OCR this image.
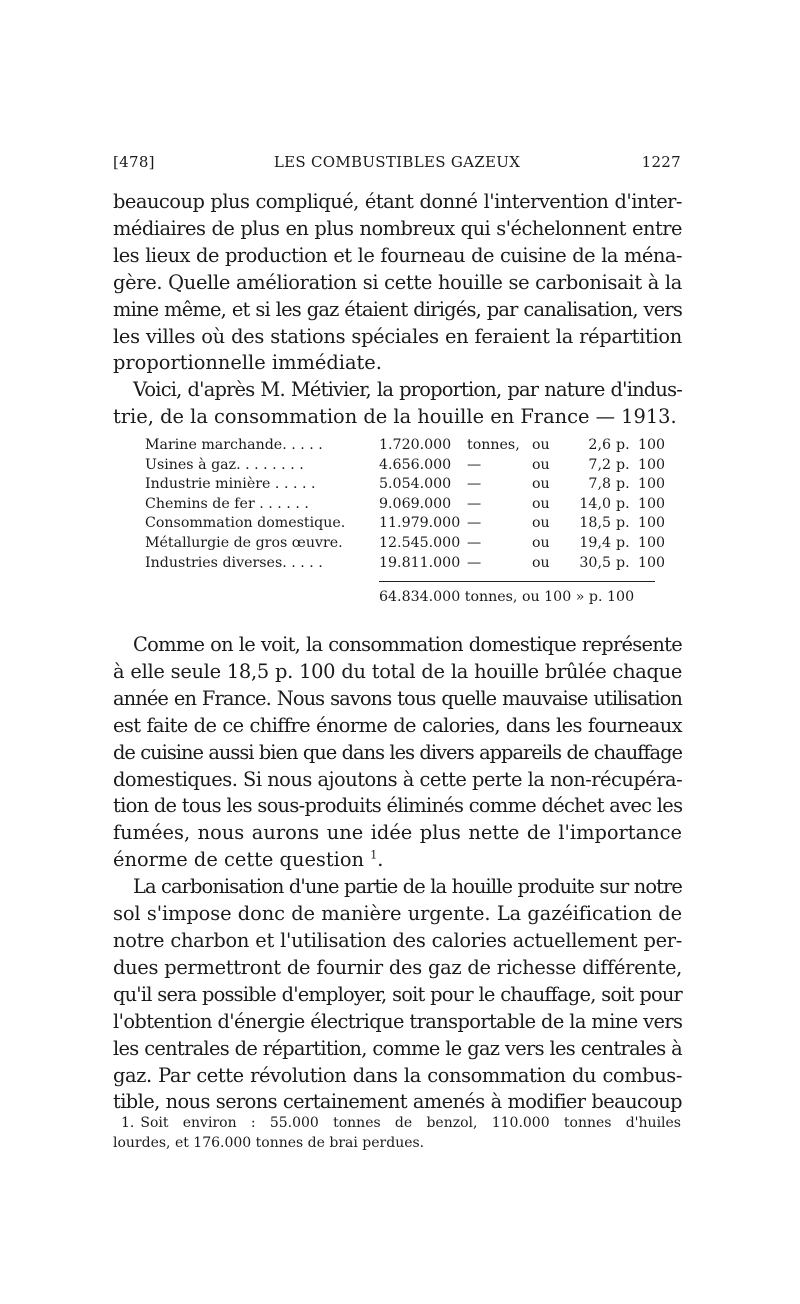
[478]	LES COMBUSTIBLES GAZEUX	1227

beaucoup plus compliqué, étant donné l'intervention d'inter-
médiaires de plus en plus nombreux qui s'échelonnent entre
les lieux de production et le fourneau de cuisine de la ména-
gère. Quelle amélioration si cette houille se carbonisait à la
mine même, et si les gaz étaient dirigés, par canalisation, vers
les villes où des stations spéciales en feraient la répartition
proportionnelle immédiate.

Voici, d'après M. Métivier, la proportion, par nature d'indus-
trie, de la consommation de la houille en France — 1913.

Marine marchande. . . . .	1.720.000 tonnes, ou	2,6 p. 100
Usines à gaz. . . . . . . .	4.656.000 —	ou	7,2 p. 100
Industrie minière . . . . .	5.054.000 —	ou	7,8 p. 100
Chemins de fer . . . . . .	9.069.000 —	ou	14,0 p. 100
Consommation domestique.	11.979.000 —	ou	18,5 p. 100
Métallurgie de gros œuvre.	12.545.000 —	ou	19,4 p. 100
Industries diverses. . . . .	19.811.000 —	ou	30,5 p. 100
64.834.000 tonnes, ou 100 » p. 100

Comme on le voit, la consommation domestique représente
à elle seule 18,5 p. 100 du total de la houille brûlée chaque
année en France. Nous savons tous quelle mauvaise utilisation
est faite de ce chiffre énorme de calories, dans les fourneaux
de cuisine aussi bien que dans les divers appareils de chauffage
domestiques. Si nous ajoutons à cette perte la non-récupéra-
tion de tous les sous-produits éliminés comme déchet avec les
fumées, nous aurons une idée plus nette de l'importance
énorme de cette question $^1$.

La carbonisation d'une partie de la houille produite sur notre
sol s'impose donc de manière urgente. La gazéification de
notre charbon et l'utilisation des calories actuellement per-
dues permettront de fournir des gaz de richesse différente,
qu'il sera possible d'employer, soit pour le chauffage, soit pour
l'obtention d'énergie électrique transportable de la mine vers
les centrales de répartition, comme le gaz vers les centrales à
gaz. Par cette révolution dans la consommation du combus-
tible, nous serons certainement amenés à modifier beaucoup

1. Soit environ : 55.000 tonnes de benzol, 110.000 tonnes d'huiles
lourdes, et 176.000 tonnes de brai perdues.
